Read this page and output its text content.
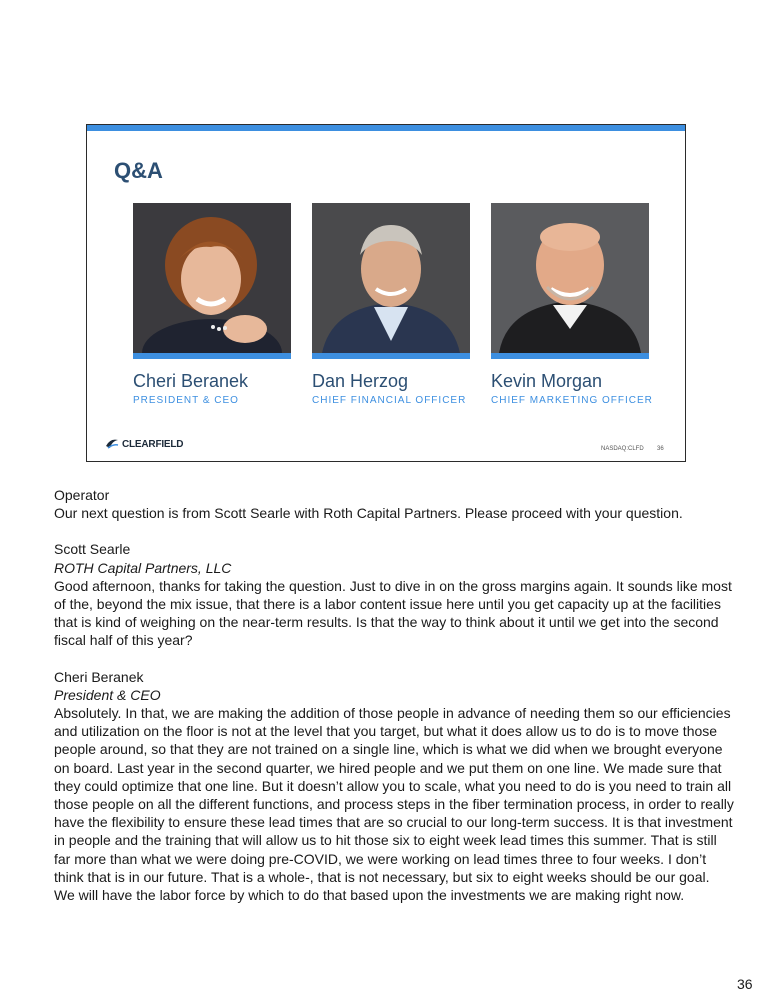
Q&A
Cheri Beranek
PRESIDENT & CEO
Dan Herzog
CHIEF FINANCIAL OFFICER
Kevin Morgan
CHIEF MARKETING OFFICER
CLEARFIELD	NASDAQ:CLFD 36

Operator

Our next question is from Scott Searle with Roth Capital Partners. Please proceed with your question.

Scott Searle

ROTH Capital Partners, LLC

Good afternoon, thanks for taking the question. Just to dive in on the gross margins again. It sounds like most of the, beyond the mix issue, that there is a labor content issue here until you get capacity up at the facilities that is kind of weighing on the near-term results. Is that the way to think about it until we get into the second fiscal half of this year?

Cheri Beranek

President & CEO

Absolutely. In that, we are making the addition of those people in advance of needing them so our efficiencies and utilization on the floor is not at the level that you target, but what it does allow us to do is to move those people around, so that they are not trained on a single line, which is what we did when we brought everyone on board. Last year in the second quarter, we hired people and we put them on one line. We made sure that they could optimize that one line. But it doesn’t allow you to scale, what you need to do is you need to train all those people on all the different functions, and process steps in the fiber termination process, in order to really have the flexibility to ensure these lead times that are so crucial to our long-term success. It is that investment in people and the training that will allow us to hit those six to eight week lead times this summer. That is still far more than what we were doing pre-COVID, we were working on lead times three to four weeks. I don’t think that is in our future. That is a whole-, that is not necessary, but six to eight weeks should be our goal. We will have the labor force by which to do that based upon the investments we are making right now.

36
